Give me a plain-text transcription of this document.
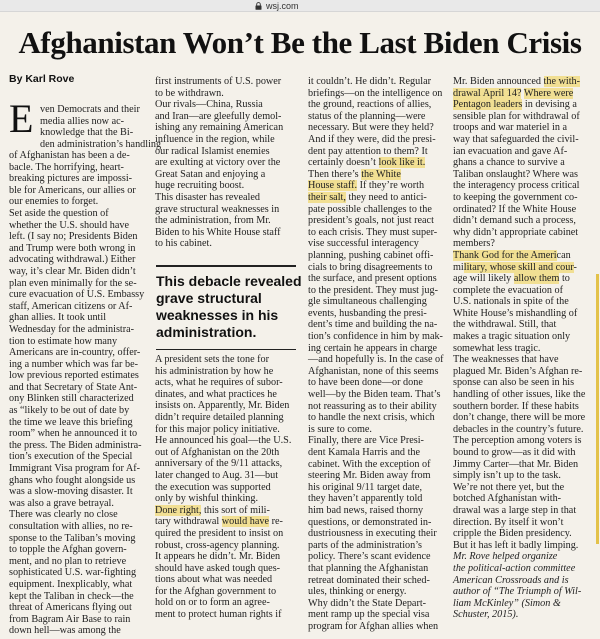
wsj.com
Afghanistan Won’t Be the Last Biden Crisis
By Karl Rove
E ven Democrats and their
media allies now ac-
knowledge that the Bi-
den administration’s handling
of Afghanistan has been a de-
bacle. The horrifying, heart-
breaking pictures are impossi-
ble for Americans, our allies or
our enemies to forget.
Set aside the question of
whether the U.S. should have
left. (I say no; Presidents Biden
and Trump were both wrong in
advocating withdrawal.) Either
way, it’s clear Mr. Biden didn’t
plan even minimally for the se-
cure evacuation of U.S. Embassy
staff, American citizens or Af-
ghan allies. It took until
Wednesday for the administra-
tion to estimate how many
Americans are in-country, offer-
ing a number which was far be-
low previous reported estimates
and that Secretary of State Ant-
ony Blinken still characterized
as “likely to be out of date by
the time we leave this briefing
room” when he announced it to
the press. The Biden administra-
tion’s execution of the Special
Immigrant Visa program for Af-
ghans who fought alongside us
was a slow-moving disaster. It
was also a grave betrayal.
There was clearly no close
consultation with allies, no re-
sponse to the Taliban’s moving
to topple the Afghan govern-
ment, and no plan to retrieve
sophisticated U.S. war-fighting
equipment. Inexplicably, what
kept the Taliban in check—the
threat of Americans flying out
from Bagram Air Base to rain
down hell—was among the
first instruments of U.S. power
to be withdrawn.
Our rivals—China, Russia
and Iran—are gleefully demol-
ishing any remaining American
influence in the region, while
our radical Islamist enemies
are exulting at victory over the
Great Satan and enjoying a
huge recruiting boost.
This disaster has revealed
grave structural weaknesses in
the administration, from Mr.
Biden to his White House staff
to his cabinet.
This debacle revealed
grave structural
weaknesses in his
administration.
A president sets the tone for
his administration by how he
acts, what he requires of subor-
dinates, and what practices he
insists on. Apparently, Mr. Biden
didn’t require detailed planning
for this major policy initiative.
He announced his goal—the U.S.
out of Afghanistan on the 20th
anniversary of the 9/11 attacks,
later changed to Aug. 31—but
the execution was supported
only by wishful thinking.
Done right, this sort of mili-
tary withdrawal would have re-
quired the president to insist on
robust, cross-agency planning.
It appears he didn’t. Mr. Biden
should have asked tough ques-
tions about what was needed
for the Afghan government to
hold on or to form an agree-
ment to protect human rights if
it couldn’t. He didn’t. Regular
briefings—on the intelligence on
the ground, reactions of allies,
status of the planning—were
necessary. But were they held?
And if they were, did the presi-
dent pay attention to them? It
certainly doesn’t look like it.
Then there’s the White
House staff. If they’re worth
their salt, they need to antici-
pate possible challenges to the
president’s goals, not just react
to each crisis. They must super-
vise successful interagency
planning, pushing cabinet offi-
cials to bring disagreements to
the surface, and present options
to the president. They must jug-
gle simultaneous challenging
events, husbanding the presi-
dent’s time and building the na-
tion’s confidence in him by mak-
ing certain he appears in charge
—and hopefully is. In the case of
Afghanistan, none of this seems
to have been done—or done
well—by the Biden team. That’s
not reassuring as to their ability
to handle the next crisis, which
is sure to come.
Finally, there are Vice Presi-
dent Kamala Harris and the
cabinet. With the exception of
steering Mr. Biden away from
his original 9/11 target date,
they haven’t apparently told
him bad news, raised thorny
questions, or demonstrated in-
dustriousness in executing their
parts of the administration’s
policy. There’s scant evidence
that planning the Afghanistan
retreat dominated their sched-
ules, thinking or energy.
Why didn’t the State Depart-
ment ramp up the special visa
program for Afghan allies when
Mr. Biden announced the with-
drawal April 14? Where were
Pentagon leaders in devising a
sensible plan for withdrawal of
troops and war materiel in a
way that safeguarded the civil-
ian evacuation and gave Af-
ghans a chance to survive a
Taliban onslaught? Where was
the interagency process critical
to keeping the government co-
ordinated? If the White House
didn’t demand such a process,
why didn’t appropriate cabinet
members?
Thank God for the American
military, whose skill and cour-
age will likely allow them to
complete the evacuation of
U.S. nationals in spite of the
White House’s mishandling of
the withdrawal. Still, that
makes a tragic situation only
somewhat less tragic.
The weaknesses that have
plagued Mr. Biden’s Afghan re-
sponse can also be seen in his
handling of other issues, like the
southern border. If these habits
don’t change, there will be more
debacles in the country’s future.
The perception among voters is
bound to grow—as it did with
Jimmy Carter—that Mr. Biden
simply isn’t up to the task.
We’re not there yet, but the
botched Afghanistan with-
drawal was a large step in that
direction. By itself it won’t
cripple the Biden presidency.
But it has left it badly limping.
Mr. Rove helped organize
the political-action committee
American Crossroads and is
author of “The Triumph of Wil-
liam McKinley” (Simon &
Schuster, 2015).
